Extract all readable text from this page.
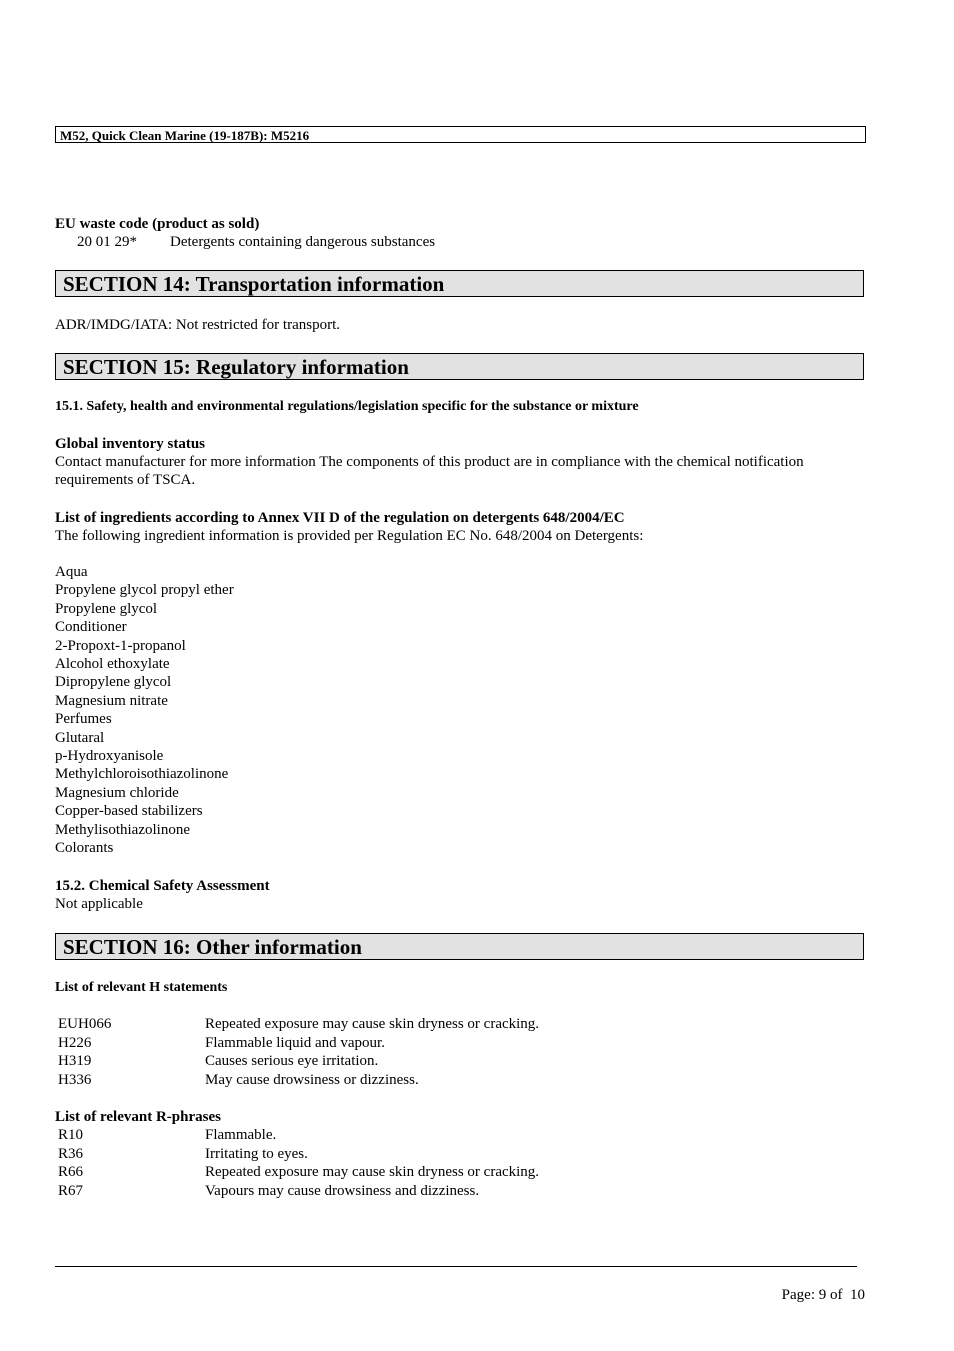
M52, Quick Clean Marine (19-187B): M5216
EU waste code (product as sold)
20 01 29* Detergents containing dangerous substances
SECTION 14: Transportation information
ADR/IMDG/IATA: Not restricted for transport.
SECTION 15: Regulatory information
15.1. Safety, health and environmental regulations/legislation specific for the substance or mixture
Global inventory status
Contact manufacturer for more information The components of this product are in compliance with the chemical notification
requirements of TSCA.
List of ingredients according to Annex VII D of the regulation on detergents 648/2004/EC
The following ingredient information is provided per Regulation EC No. 648/2004 on Detergents:
Aqua
Propylene glycol propyl ether
Propylene glycol
Conditioner
2-Propoxt-1-propanol
Alcohol ethoxylate
Dipropylene glycol
Magnesium nitrate
Perfumes
Glutaral
p-Hydroxyanisole
Methylchloroisothiazolinone
Magnesium chloride
Copper-based stabilizers
Methylisothiazolinone
Colorants
15.2. Chemical Safety Assessment
Not applicable
SECTION 16: Other information
List of relevant H statements
EUH066	Repeated exposure may cause skin dryness or cracking.
H226	Flammable liquid and vapour.
H319	Causes serious eye irritation.
H336	May cause drowsiness or dizziness.
List of relevant R-phrases
R10	Flammable.
R36	Irritating to eyes.
R66	Repeated exposure may cause skin dryness or cracking.
R67	Vapours may cause drowsiness and dizziness.
Page: 9 of  10
